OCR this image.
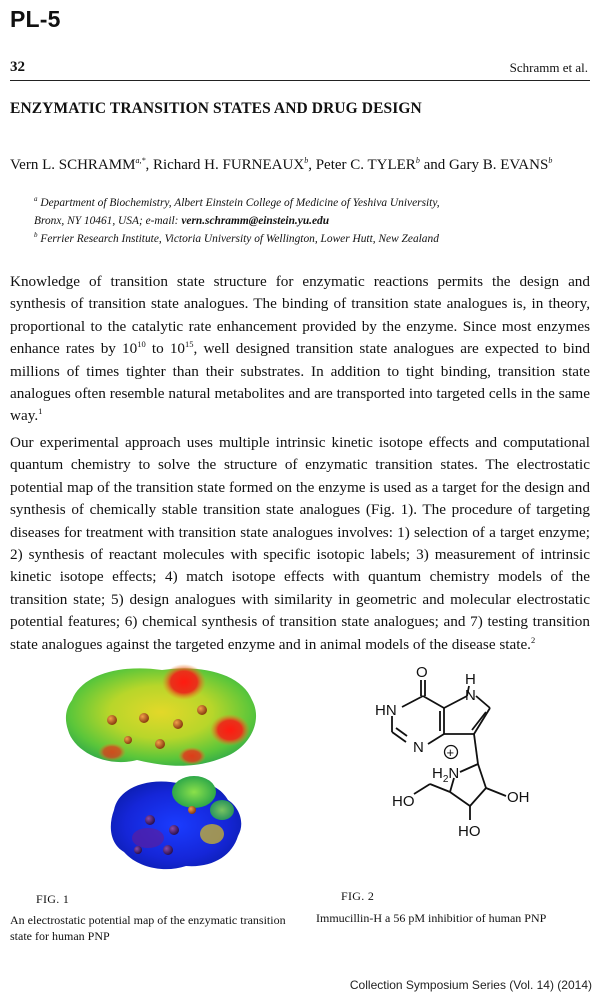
PL-5
32	Schramm et al.
ENZYMATIC TRANSITION STATES AND DRUG DESIGN
Vern L. $SCHRAMM^{a,*}$, Richard H. FURNEAUX$^b$, Peter C. TYLER$^b$ and Gary B. EVANS$^b$
$^a$ Department of Biochemistry, Albert Einstein College of Medicine of Yeshiva University,
Bronx, NY 10461, USA; e-mail: vern.schramm@einstein.yu.edu
$^b$ Ferrier Research Institute, Victoria University of Wellington, Lower Hutt, New Zealand
Knowledge of transition state structure for enzymatic reactions permits the design and synthesis of transition state analogues. The binding of transition state analogues is, in theory, proportional to the catalytic rate enhancement provided by the enzyme. Since most enzymes enhance rates by $10^{10}$ to $10^{15}$, well designed transition state analogues are expected to bind millions of times tighter than their substrates. In addition to tight binding, transition state analogues often resemble natural metabolites and are transported into targeted cells in the same way.$^1$
Our experimental approach uses multiple intrinsic kinetic isotope effects and computational quantum chemistry to solve the structure of enzymatic transition states. The electrostatic potential map of the transition state formed on the enzyme is used as a target for the design and synthesis of chemically stable transition state analogues (Fig. 1). The procedure of targeting diseases for treatment with transition state analogues involves: 1) selection of a target enzyme; 2) synthesis of reactant molecules with specific isotopic labels; 3) measurement of intrinsic kinetic isotope effects; 4) match isotope effects with quantum chemistry models of the transition state; 5) design analogues with similarity in geometric and molecular electrostatic potential features; 6) chemical synthesis of transition state analogues; and 7) testing transition state analogues against the targeted enzyme and in animal models of the disease state.$^2$
O
HN
H
N
N +
$H_2N$
HO	OH
HO
FIG. 1
An electrostatic potential map of the enzymatic transition state for human PNP
FIG. 2
Immucillin-H a 56 pM inhibitior of human PNP
Collection Symposium Series (Vol. 14) (2014)
